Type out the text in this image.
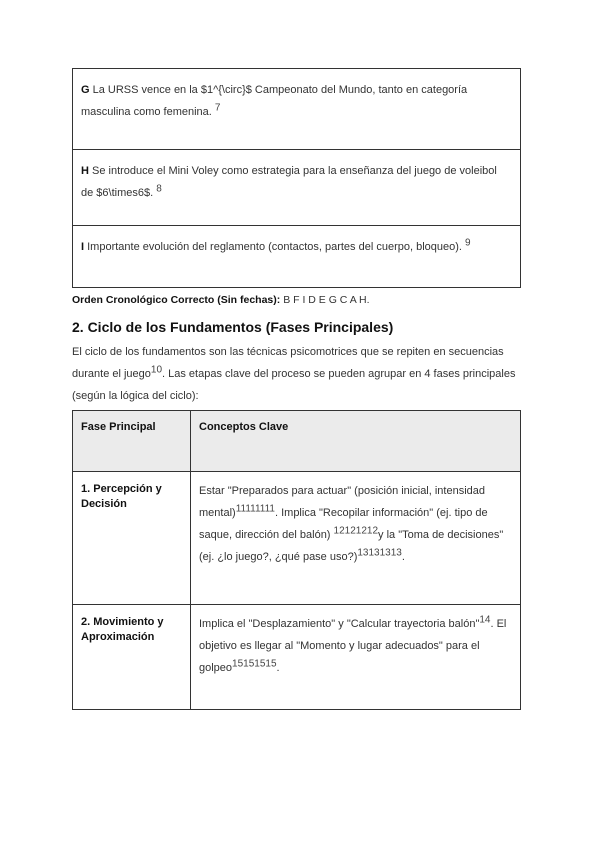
G La URSS vence en la $1^{\circ}$ Campeonato del Mundo, tanto en categoría masculina como femenina. $^7$
H Se introduce el Mini Voley como estrategia para la enseñanza del juego de voleibol de $6\times6$. $^8$
I Importante evolución del reglamento (contactos, partes del cuerpo, bloqueo). $^9$
Orden Cronológico Correcto (Sin fechas): B F I D E G C A H.
2. Ciclo de los Fundamentos (Fases Principales)
El ciclo de los fundamentos son las técnicas psicomotrices que se repiten en secuencias durante el juego$^{10}$. Las etapas clave del proceso se pueden agrupar en 4 fases principales (según la lógica del ciclo):
Fase Principal	Conceptos Clave

1. Percepción y Decisión	Estar "Preparados para actuar" (posición inicial, intensidad mental)$^{11111111}$. Implica "Recopilar información" (ej. tipo de saque, dirección del balón) $^{12121212}$y la "Toma de decisiones" (ej. ¿lo juego?, ¿qué pase uso?)$^{13131313}$.

2. Movimiento y Aproximación	Implica el "Desplazamiento" y "Calcular trayectoria balón"$^{14}$. El objetivo es llegar al "Momento y lugar adecuados" para el golpeo$^{15151515}$.
